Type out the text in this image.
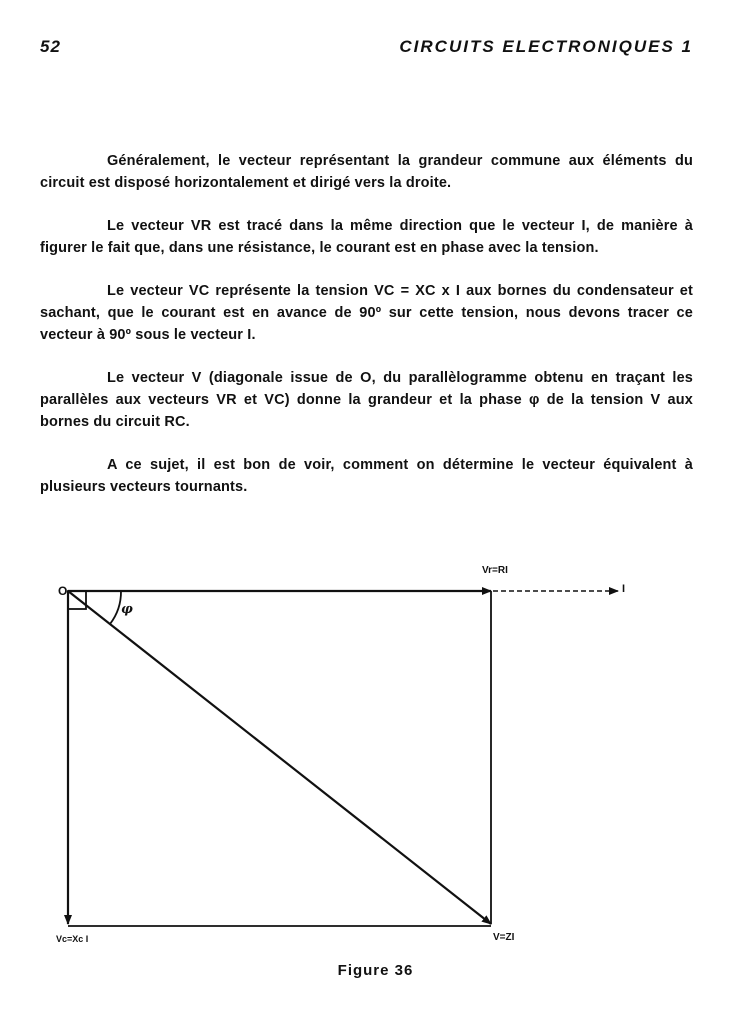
52	CIRCUITS ELECTRONIQUES 1

Généralement, le vecteur représentant la grandeur commune aux éléments du circuit est disposé horizontalement et dirigé vers la droite.

Le vecteur VR est tracé dans la même direction que le vecteur I, de manière à figurer le fait que, dans une résistance, le courant est en phase avec la tension.

Le vecteur VC représente la tension VC = XC x I aux bornes du condensateur et sachant, que le courant est en avance de 90º sur cette tension, nous devons tracer ce vecteur à 90º sous le vecteur I.

Le vecteur V (diagonale issue de O, du parallèlogramme obtenu en traçant les parallèles aux vecteurs VR et VC) donne la grandeur et la phase φ de la tension V aux bornes du circuit RC.

A ce sujet, il est bon de voir, comment on détermine le vecteur équivalent à plusieurs vecteurs tournants.

O
Vr=RI
I
φ
Vc=Xc I	V=ZI
Figure 36
